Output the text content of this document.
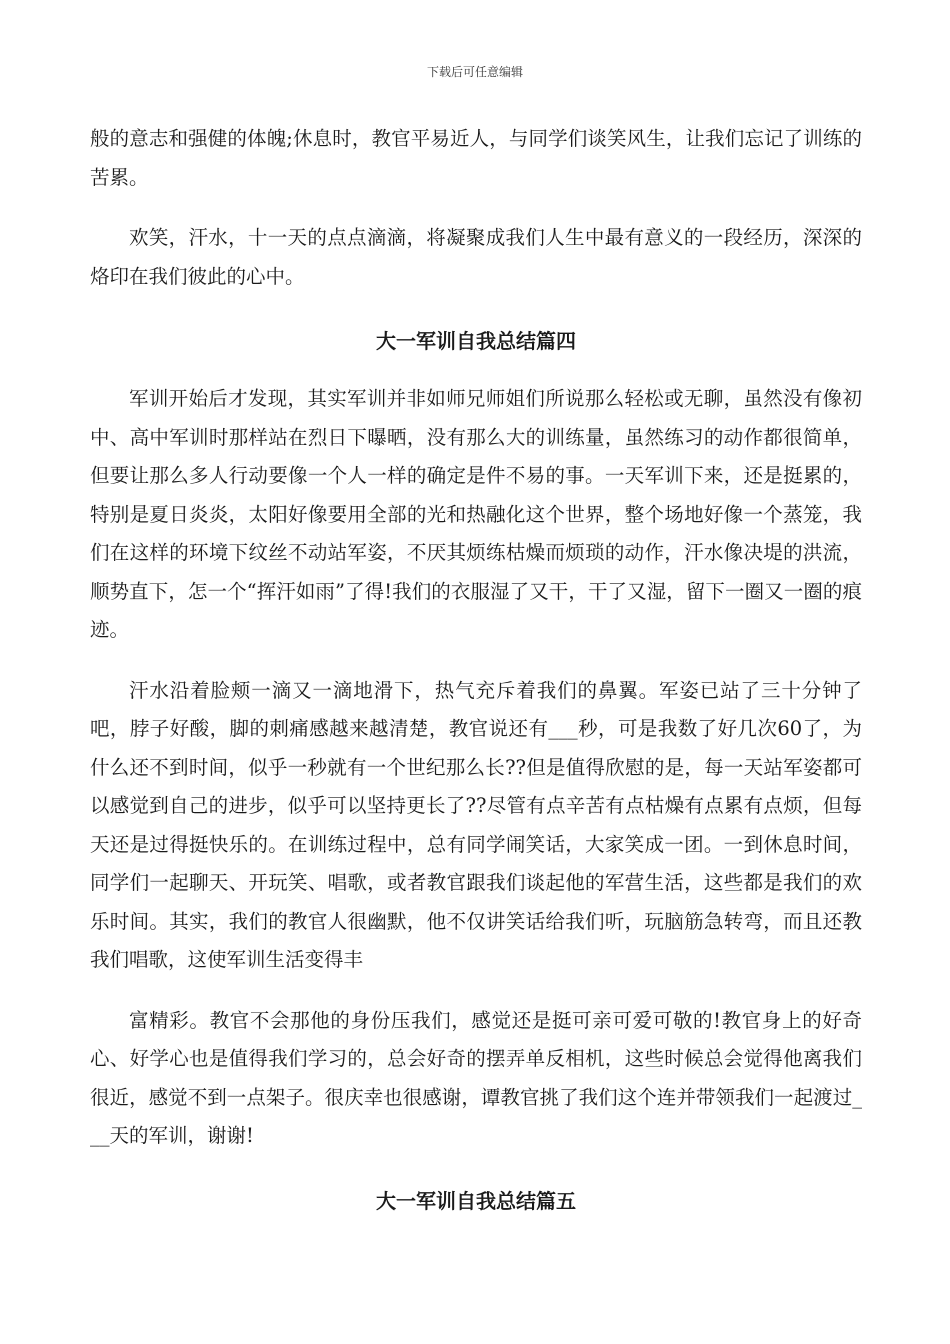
下载后可任意编辑

般的意志和强健的体魄;休息时，教官平易近人，与同学们谈笑风生，让我们忘记了训练的苦累。

欢笑，汗水，十一天的点点滴滴，将凝聚成我们人生中最有意义的一段经历，深深的烙印在我们彼此的心中。

大一军训自我总结篇四

军训开始后才发现，其实军训并非如师兄师姐们所说那么轻松或无聊，虽然没有像初中、高中军训时那样站在烈日下曝晒，没有那么大的训练量，虽然练习的动作都很简单，但要让那么多人行动要像一个人一样的确定是件不易的事。一天军训下来，还是挺累的，特别是夏日炎炎，太阳好像要用全部的光和热融化这个世界，整个场地好像一个蒸笼，我们在这样的环境下纹丝不动站军姿，不厌其烦练枯燥而烦琐的动作，汗水像决堤的洪流，顺势直下，怎一个“挥汗如雨”了得!我们的衣服湿了又干，干了又湿，留下一圈又一圈的痕迹。

汗水沿着脸颊一滴又一滴地滑下，热气充斥着我们的鼻翼。军姿已站了三十分钟了吧，脖子好酸，脚的刺痛感越来越清楚，教官说还有___秒，可是我数了好几次60了，为什么还不到时间，似乎一秒就有一个世纪那么长??但是值得欣慰的是，每一天站军姿都可以感觉到自己的进步，似乎可以坚持更长了??尽管有点辛苦有点枯燥有点累有点烦，但每天还是过得挺快乐的。在训练过程中，总有同学闹笑话，大家笑成一团。一到休息时间，同学们一起聊天、开玩笑、唱歌，或者教官跟我们谈起他的军营生活，这些都是我们的欢乐时间。其实，我们的教官人很幽默，他不仅讲笑话给我们听，玩脑筋急转弯，而且还教我们唱歌，这使军训生活变得丰

富精彩。教官不会那他的身份压我们，感觉还是挺可亲可爱可敬的!教官身上的好奇心、好学心也是值得我们学习的，总会好奇的摆弄单反相机，这些时候总会觉得他离我们很近，感觉不到一点架子。很庆幸也很感谢，谭教官挑了我们这个连并带领我们一起渡过___天的军训，谢谢!

大一军训自我总结篇五
